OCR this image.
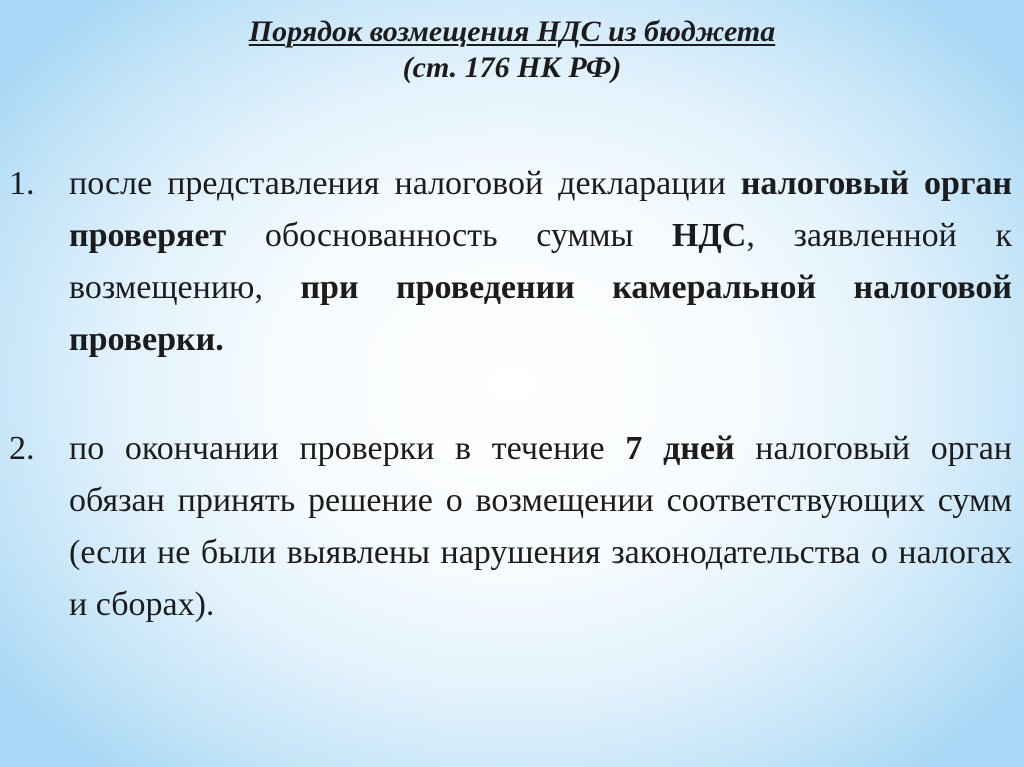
Порядок возмещения НДС из бюджета
(ст. 176 НК РФ)
1. после представления налоговой декларации налоговый орган проверяет обоснованность суммы НДС, заявленной к возмещению, при проведении камеральной налоговой проверки.
2. по окончании проверки в течение 7 дней налоговый орган обязан принять решение о возмещении соответствующих сумм (если не были выявлены нарушения законодательства о налогах и сборах).
